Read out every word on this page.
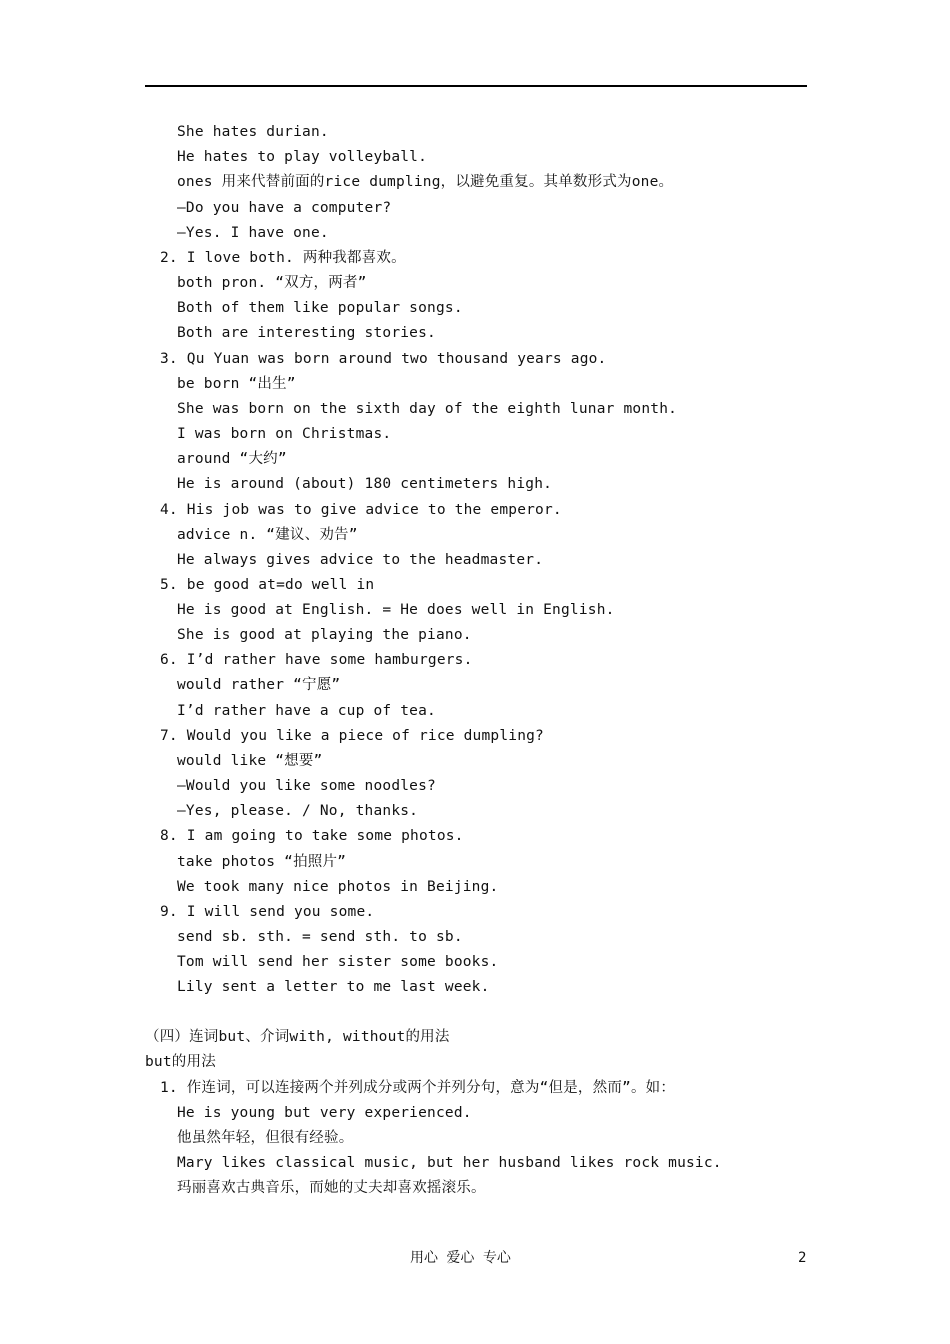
She hates durian.
He hates to play volleyball.
ones 用来代替前面的rice dumpling，以避免重复。其单数形式为one。
—Do you have a computer?
—Yes. I have one.
2. I love both. 两种我都喜欢。
both pron. “双方，两者”
Both of them like popular songs.
Both are interesting stories.
3. Qu Yuan was born around two thousand years ago.
be born “出生”
She was born on the sixth day of the eighth lunar month.
I was born on Christmas.
around “大约”
He is around (about) 180 centimeters high.
4. His job was to give advice to the emperor.
advice n. “建议、劝告”
He always gives advice to the headmaster.
5. be good at=do well in
He is good at English. = He does well in English.
She is good at playing the piano.
6. I’d rather have some hamburgers.
would rather “宁愿”
I’d rather have a cup of tea.
7. Would you like a piece of rice dumpling?
would like “想要”
—Would you like some noodles?
—Yes, please. / No, thanks.
8. I am going to take some photos.
take photos “拍照片”
We took many nice photos in Beijing.
9. I will send you some.
send sb. sth. = send sth. to sb.
Tom will send her sister some books.
Lily sent a letter to me last week.
（四）连词but、介词with, without的用法
but的用法
1. 作连词，可以连接两个并列成分或两个并列分句，意为“但是，然而”。如：
He is young but very experienced.
他虽然年轻，但很有经验。
Mary likes classical music, but her husband likes rock music.
玛丽喜欢古典音乐，而她的丈夫却喜欢摇滚乐。
用心 爱心 专心	2
